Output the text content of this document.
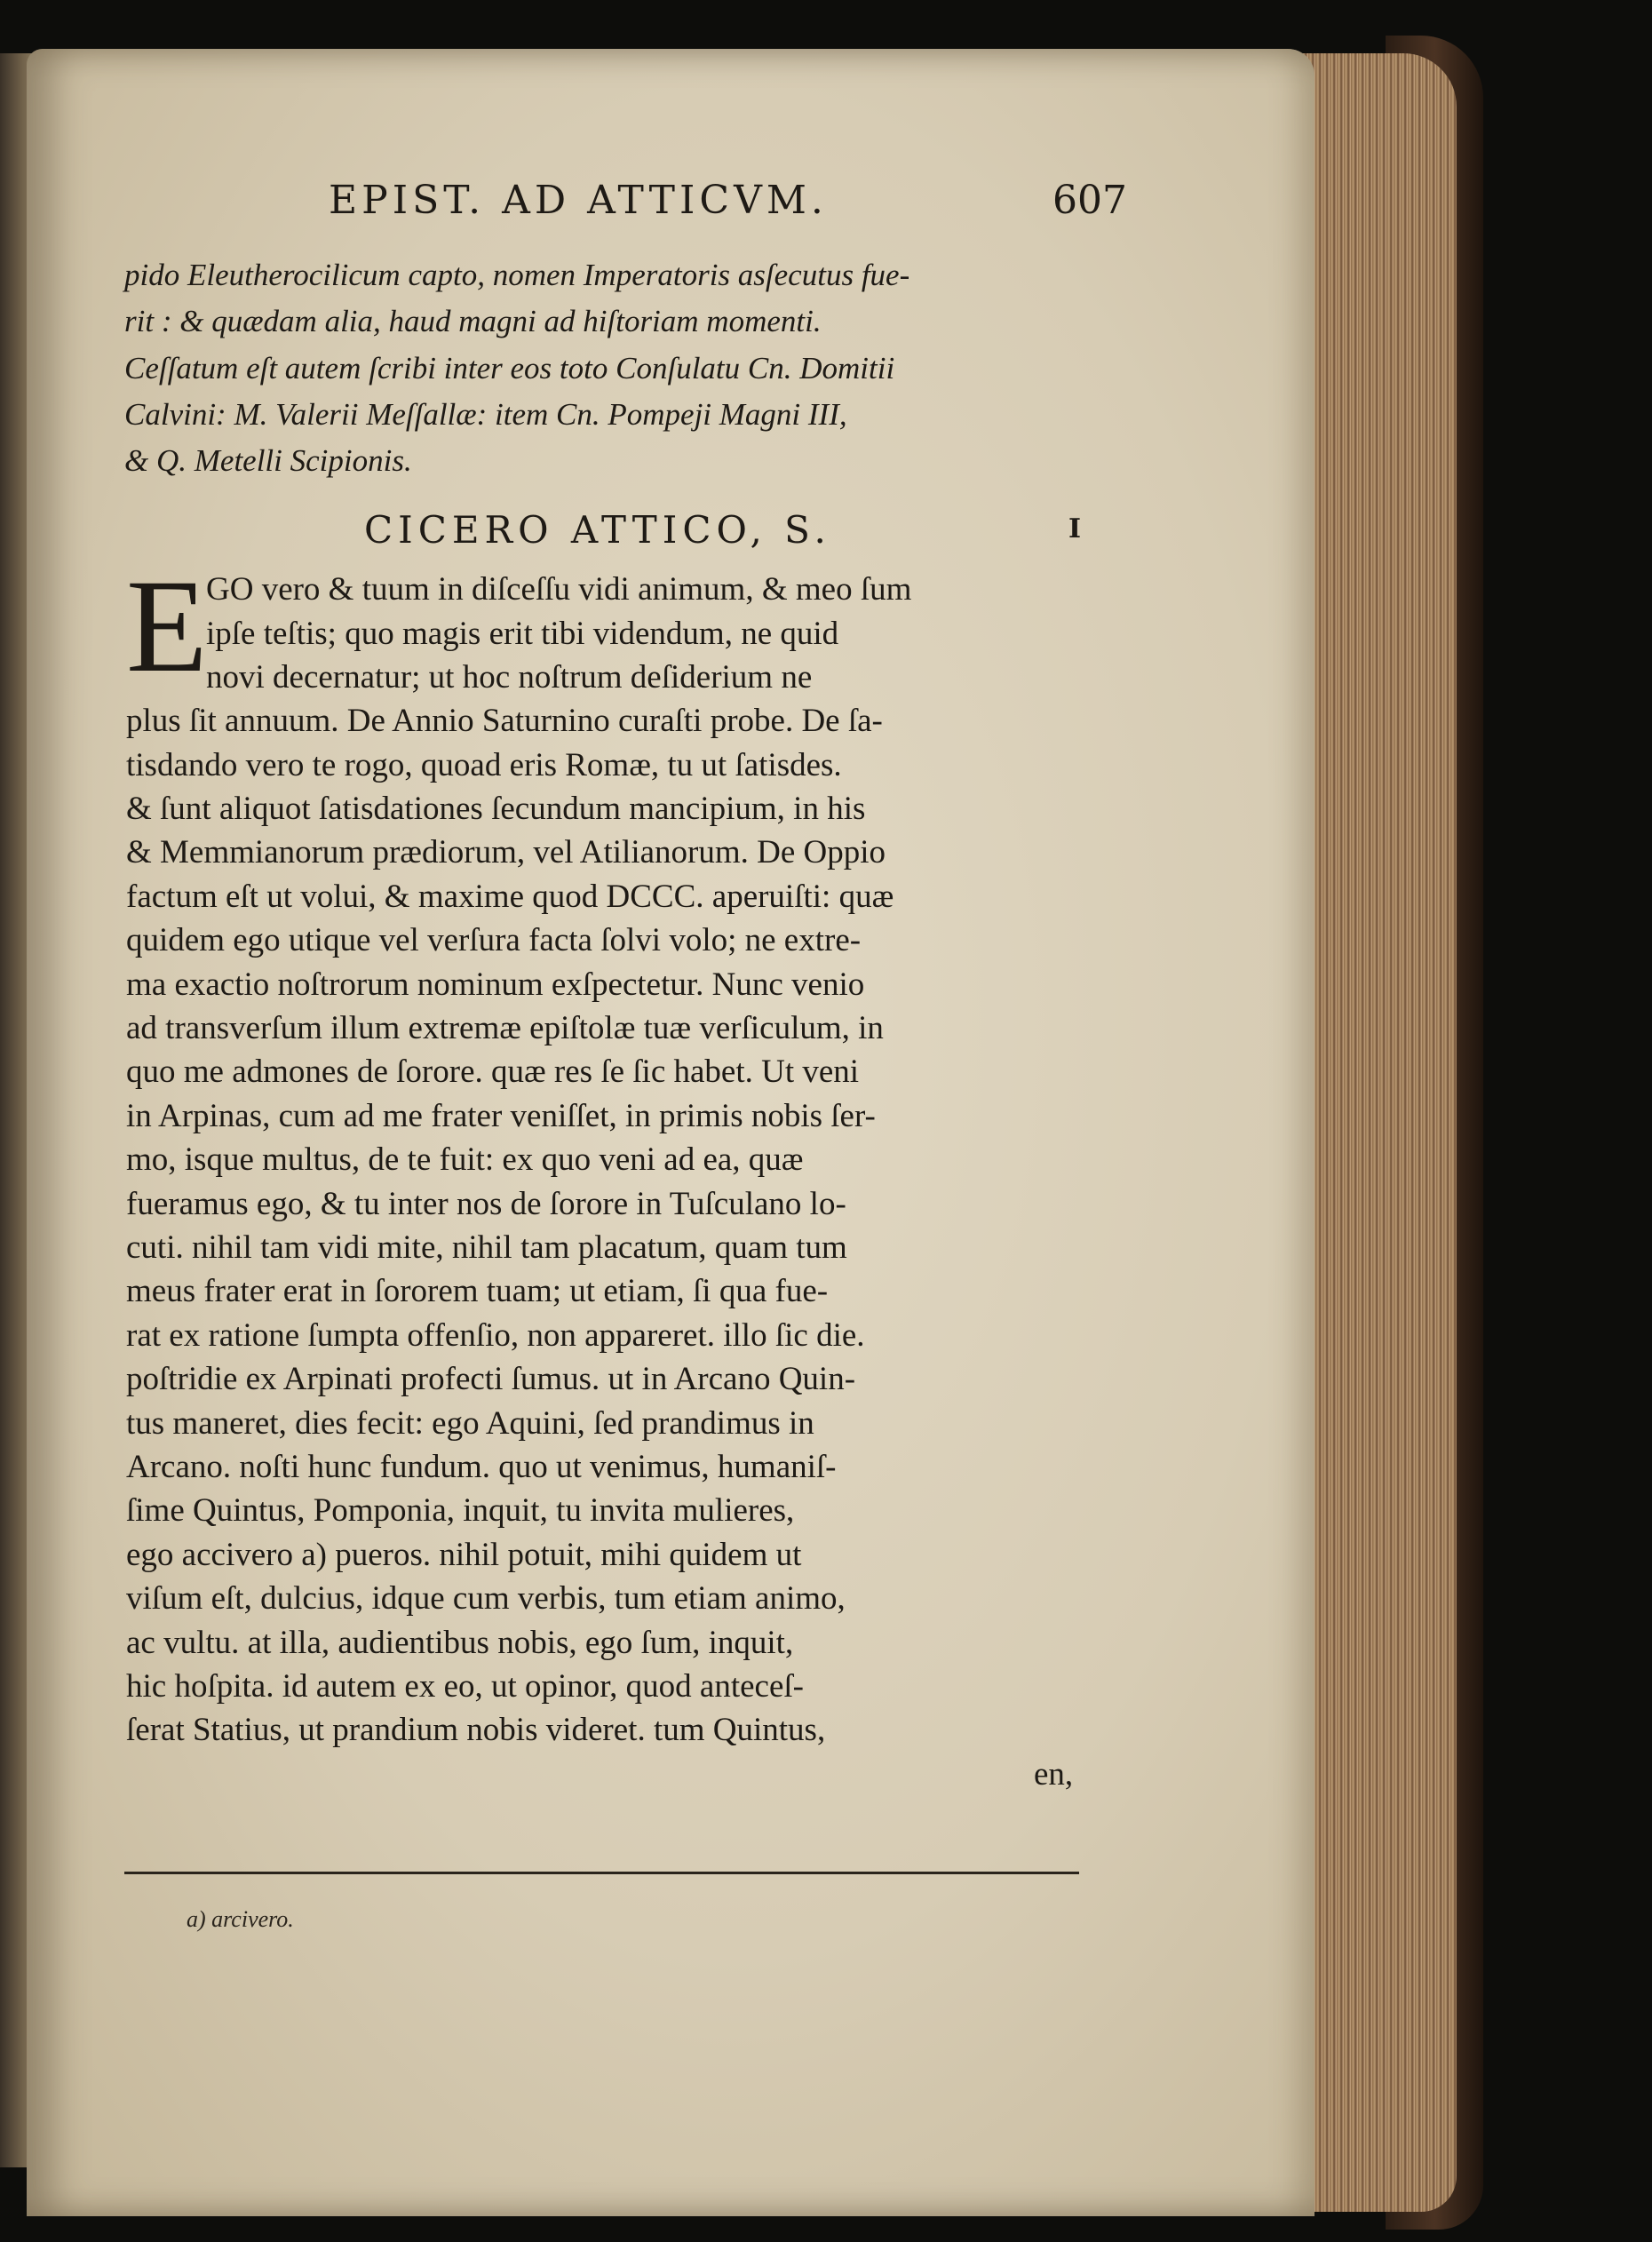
EPIST. AD ATTICVM.	607
pido Eleutherocilicum capto, nomen Imperatoris asſecutus fue-
rit : & quædam alia, haud magni ad hiſtoriam momenti.
Ceſſatum eſt autem ſcribi inter eos toto Conſulatu Cn. Domitii
Calvini: M. Valerii Meſſallæ: item Cn. Pompeji Magni III,
& Q. Metelli Scipionis.
CICERO ATTICO, S.	I
E
GO vero & tuum in diſceſſu vidi animum, & meo ſum
ipſe teſtis; quo magis erit tibi videndum, ne quid
novi decernatur; ut hoc noſtrum deſiderium ne
plus ſit annuum. De Annio Saturnino curaſti probe. De ſa-
tisdando vero te rogo, quoad eris Romæ, tu ut ſatisdes.
& ſunt aliquot ſatisdationes ſecundum mancipium, in his
& Memmianorum prædiorum, vel Atilianorum. De Oppio
factum eſt ut volui, & maxime quod DCCC. aperuiſti: quæ
quidem ego utique vel verſura facta ſolvi volo; ne extre-
ma exactio noſtrorum nominum exſpectetur. Nunc venio
ad transverſum illum extremæ epiſtolæ tuæ verſiculum, in
quo me admones de ſorore. quæ res ſe ſic habet. Ut veni
in Arpinas, cum ad me frater veniſſet, in primis nobis ſer-
mo, isque multus, de te fuit: ex quo veni ad ea, quæ
fueramus ego, & tu inter nos de ſorore in Tuſculano lo-
cuti. nihil tam vidi mite, nihil tam placatum, quam tum
meus frater erat in ſororem tuam; ut etiam, ſi qua fue-
rat ex ratione ſumpta offenſio, non appareret. illo ſic die.
poſtridie ex Arpinati profecti ſumus. ut in Arcano Quin-
tus maneret, dies fecit: ego Aquini, ſed prandimus in
Arcano. noſti hunc fundum. quo ut venimus, humaniſ-
ſime Quintus, Pomponia, inquit, tu invita mulieres,
ego accivero a) pueros. nihil potuit, mihi quidem ut
viſum eſt, dulcius, idque cum verbis, tum etiam animo,
ac vultu. at illa, audientibus nobis, ego ſum, inquit,
hic hoſpita. id autem ex eo, ut opinor, quod anteceſ-
ſerat Statius, ut prandium nobis videret. tum Quintus,
en,
a) arcivero.
